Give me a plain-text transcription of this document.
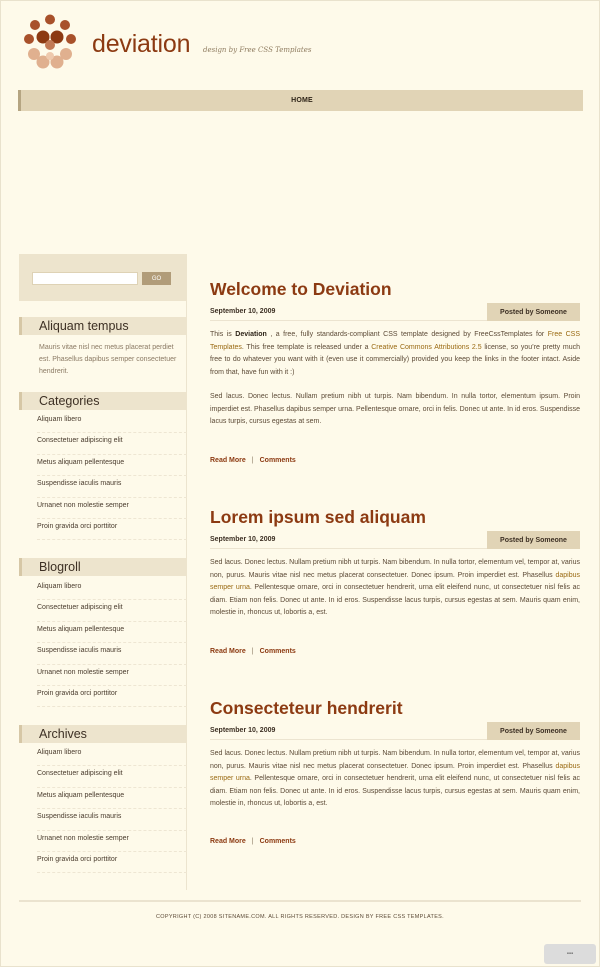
deviation design by Free CSS Templates
HOME
GO
Aliquam tempus
Mauris vitae nisl nec metus placerat perdiet est. Phasellus dapibus semper consectetuer hendrerit.
Categories
Aliquam libero
Consectetuer adipiscing elit
Metus aliquam pellentesque
Suspendisse iaculis mauris
Urnanet non molestie semper
Proin gravida orci porttitor
Blogroll
Aliquam libero
Consectetuer adipiscing elit
Metus aliquam pellentesque
Suspendisse iaculis mauris
Urnanet non molestie semper
Proin gravida orci porttitor
Archives
Aliquam libero
Consectetuer adipiscing elit
Metus aliquam pellentesque
Suspendisse iaculis mauris
Urnanet non molestie semper
Proin gravida orci porttitor
Welcome to Deviation
September 10, 2009	Posted by Someone

This is Deviation , a free, fully standards-compliant CSS template designed by FreeCssTemplates for Free CSS Templates. This free template is released under a Creative Commons Attributions 2.5 license, so you’re pretty much free to do whatever you want with it (even use it commercially) provided you keep the links in the footer intact. Aside from that, have fun with it :)

Sed lacus. Donec lectus. Nullam pretium nibh ut turpis. Nam bibendum. In nulla tortor, elementum ipsum. Proin imperdiet est. Phasellus dapibus semper urna. Pellentesque ornare, orci in felis. Donec ut ante. In id eros. Suspendisse lacus turpis, cursus egestas at sem.

Read More | Comments
Lorem ipsum sed aliquam
September 10, 2009	Posted by Someone

Sed lacus. Donec lectus. Nullam pretium nibh ut turpis. Nam bibendum. In nulla tortor, elementum vel, tempor at, varius non, purus. Mauris vitae nisl nec metus placerat consectetuer. Donec ipsum. Proin imperdiet est. Phasellus dapibus semper urna. Pellentesque ornare, orci in consectetuer hendrerit, urna elit eleifend nunc, ut consectetuer nisl felis ac diam. Etiam non felis. Donec ut ante. In id eros. Suspendisse lacus turpis, cursus egestas at sem. Mauris quam enim, molestie in, rhoncus ut, lobortis a, est.

Read More | Comments
Consecteteur hendrerit
September 10, 2009	Posted by Someone

Sed lacus. Donec lectus. Nullam pretium nibh ut turpis. Nam bibendum. In nulla tortor, elementum vel, tempor at, varius non, purus. Mauris vitae nisl nec metus placerat consectetuer. Donec ipsum. Proin imperdiet est. Phasellus dapibus semper urna. Pellentesque ornare, orci in consectetuer hendrerit, urna elit eleifend nunc, ut consectetuer nisl felis ac diam. Etiam non felis. Donec ut ante. In id eros. Suspendisse lacus turpis, cursus egestas at sem. Mauris quam enim, molestie in, rhoncus ut, lobortis a, est.

Read More | Comments
COPYRIGHT (C) 2008 SITENAME.COM. ALL RIGHTS RESERVED. DESIGN BY FREE CSS TEMPLATES.
▪▪▪
